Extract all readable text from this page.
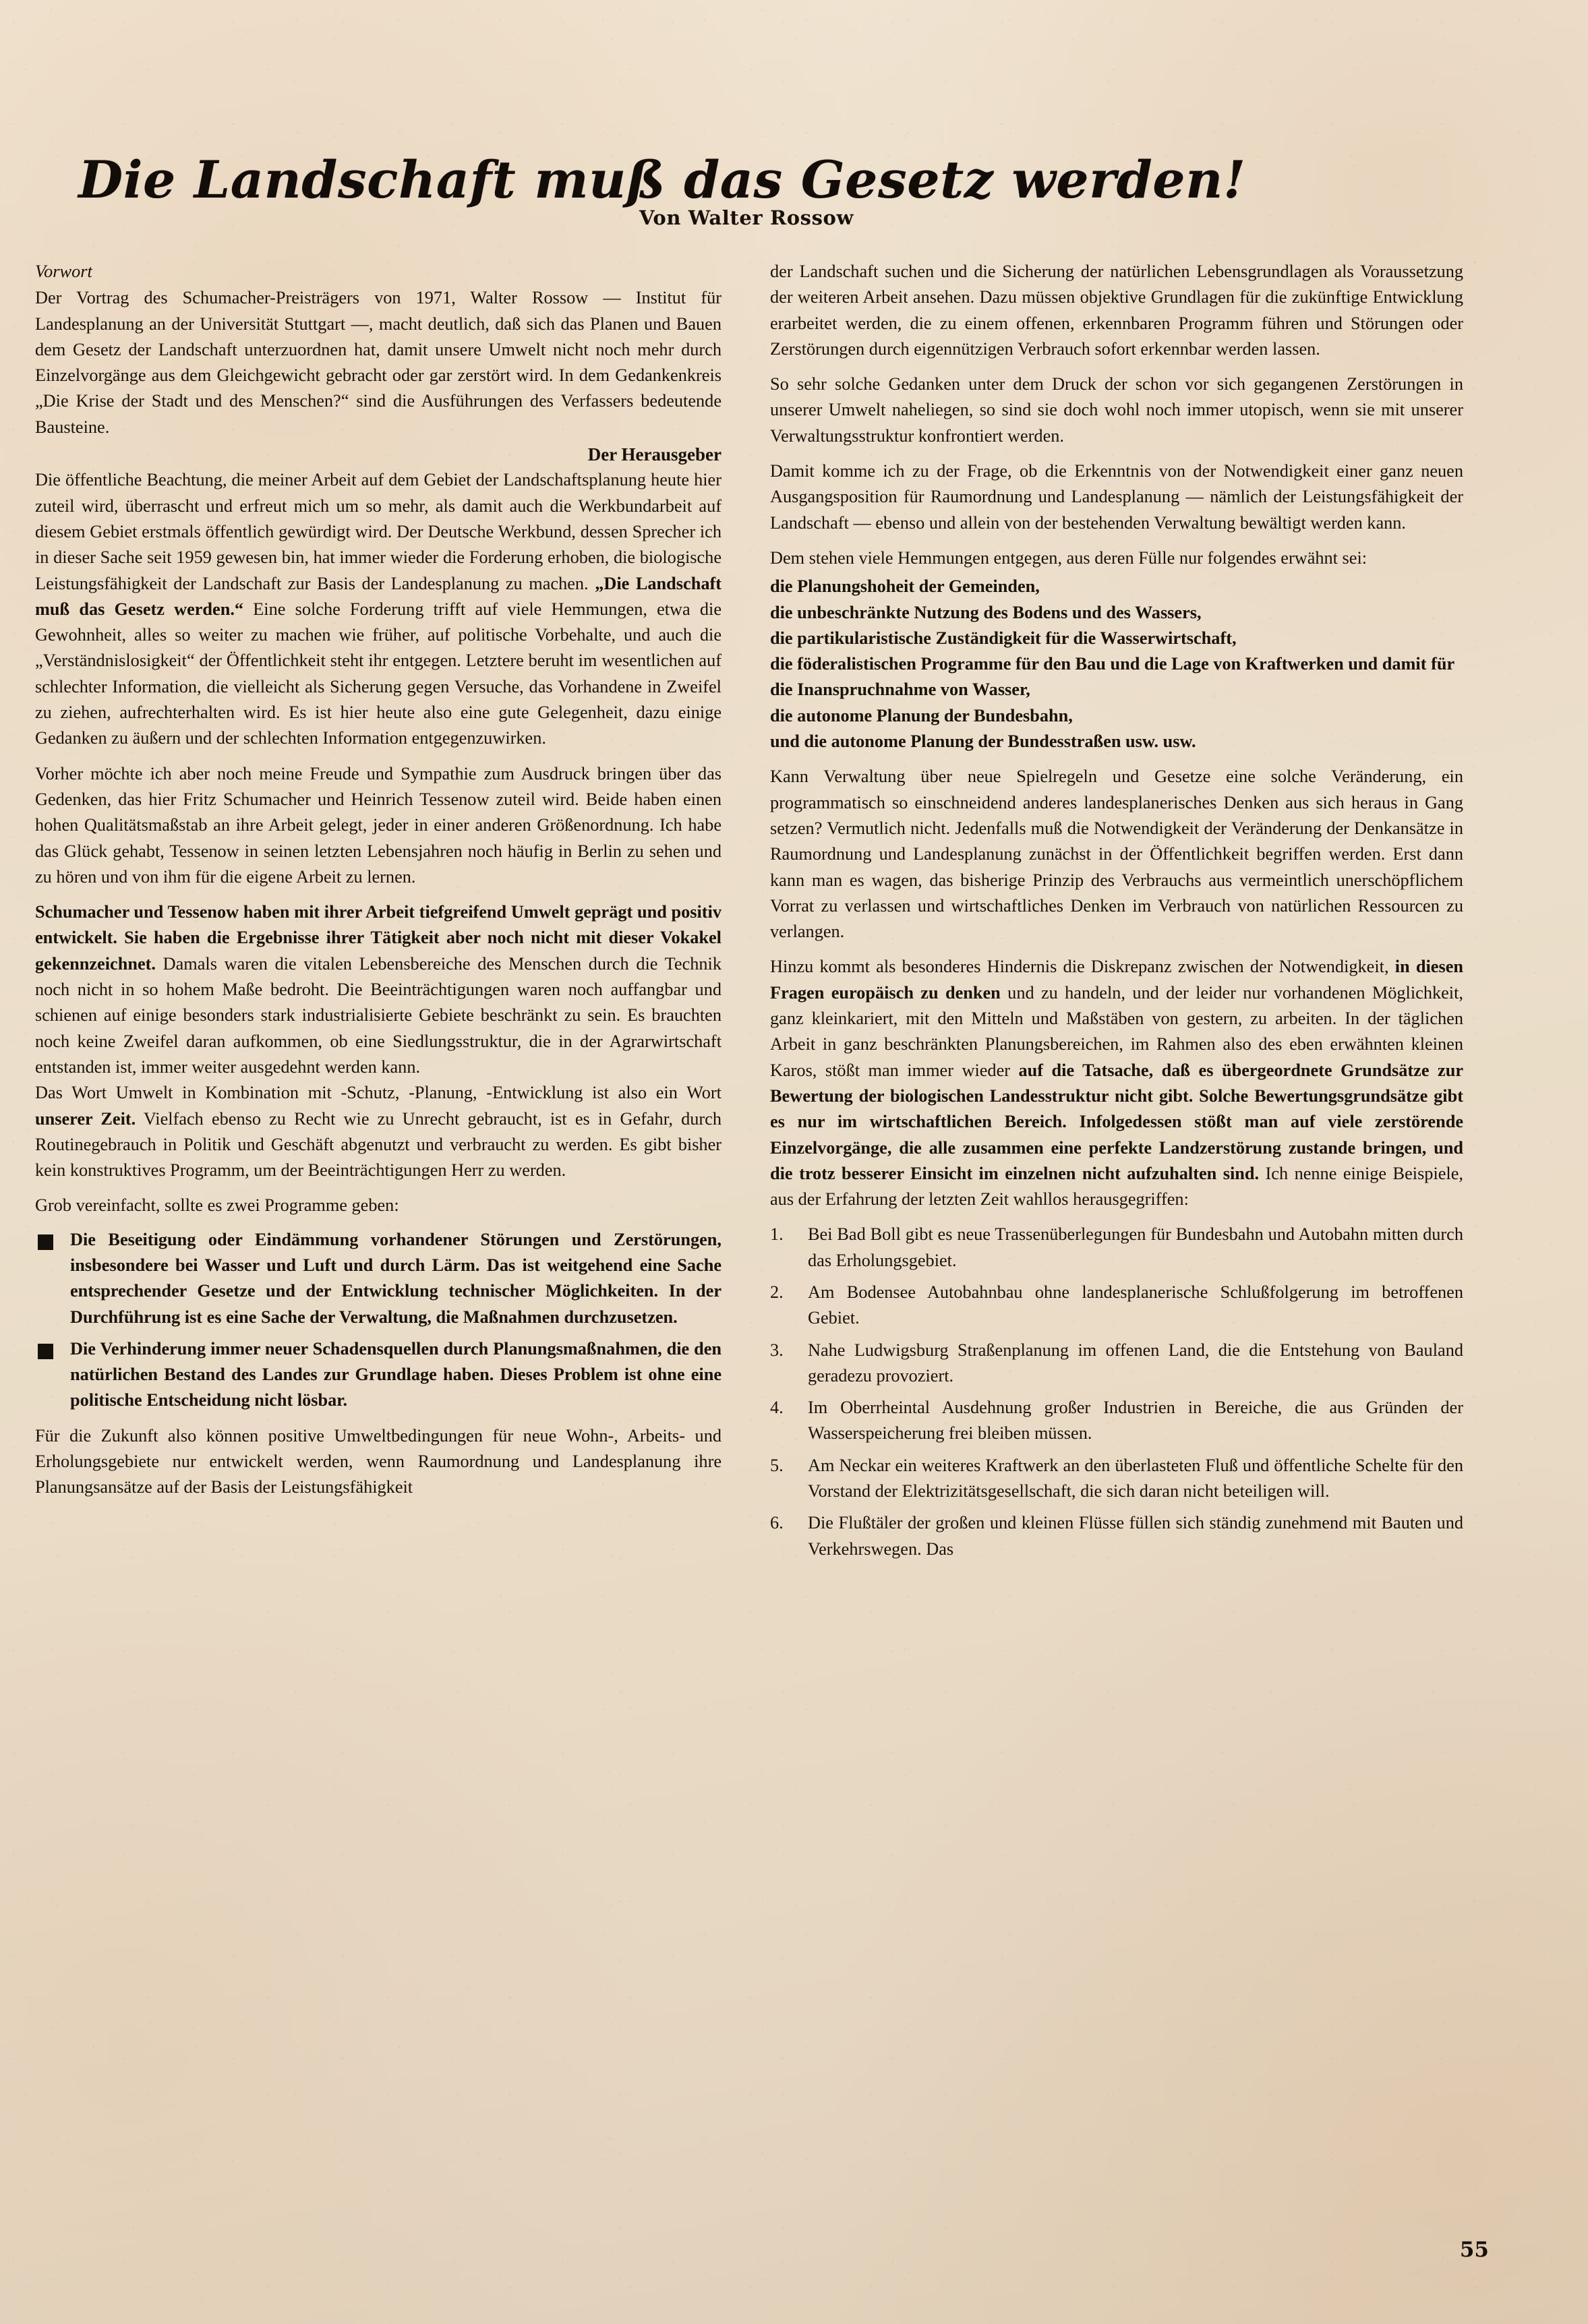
Die Landschaft muß das Gesetz werden!
Von Walter Rossow

Vorwort
Der Vortrag des Schumacher-Preisträgers von 1971, Walter Rossow — Institut für Landesplanung an der Universität Stuttgart —, macht deutlich, daß sich das Planen und Bauen dem Gesetz der Landschaft unterzuordnen hat, damit unsere Umwelt nicht noch mehr durch Einzelvorgänge aus dem Gleichgewicht gebracht oder gar zerstört wird. In dem Gedankenkreis „Die Krise der Stadt und des Menschen?“ sind die Ausführungen des Verfassers bedeutende Bausteine.

Der Herausgeber

Die öffentliche Beachtung, die meiner Arbeit auf dem Gebiet der Landschaftsplanung heute hier zuteil wird, überrascht und erfreut mich um so mehr, als damit auch die Werkbundarbeit auf diesem Gebiet erstmals öffentlich gewürdigt wird. Der Deutsche Werkbund, dessen Sprecher ich in dieser Sache seit 1959 gewesen bin, hat immer wieder die Forderung erhoben, die biologische Leistungsfähigkeit der Landschaft zur Basis der Landesplanung zu machen. „Die Landschaft muß das Gesetz werden.“ Eine solche Forderung trifft auf viele Hemmungen, etwa die Gewohnheit, alles so weiter zu machen wie früher, auf politische Vorbehalte, und auch die „Verständnislosigkeit“ der Öffentlichkeit steht ihr entgegen. Letztere beruht im wesentlichen auf schlechter Information, die vielleicht als Sicherung gegen Versuche, das Vorhandene in Zweifel zu ziehen, aufrechterhalten wird. Es ist hier heute also eine gute Gelegenheit, dazu einige Gedanken zu äußern und der schlechten Information entgegenzuwirken.

Vorher möchte ich aber noch meine Freude und Sympathie zum Ausdruck bringen über das Gedenken, das hier Fritz Schumacher und Heinrich Tessenow zuteil wird. Beide haben einen hohen Qualitätsmaßstab an ihre Arbeit gelegt, jeder in einer anderen Größenordnung. Ich habe das Glück gehabt, Tessenow in seinen letzten Lebensjahren noch häufig in Berlin zu sehen und zu hören und von ihm für die eigene Arbeit zu lernen.

Schumacher und Tessenow haben mit ihrer Arbeit tiefgreifend Umwelt geprägt und positiv entwickelt. Sie haben die Ergebnisse ihrer Tätigkeit aber noch nicht mit dieser Vokakel gekennzeichnet. Damals waren die vitalen Lebensbereiche des Menschen durch die Technik noch nicht in so hohem Maße bedroht. Die Beeinträchtigungen waren noch auffangbar und schienen auf einige besonders stark industrialisierte Gebiete beschränkt zu sein. Es brauchten noch keine Zweifel daran aufkommen, ob eine Siedlungsstruktur, die in der Agrarwirtschaft entstanden ist, immer weiter ausgedehnt werden kann.

Das Wort Umwelt in Kombination mit -Schutz, -Planung, -Entwicklung ist also ein Wort unserer Zeit. Vielfach ebenso zu Recht wie zu Unrecht gebraucht, ist es in Gefahr, durch Routinegebrauch in Politik und Geschäft abgenutzt und verbraucht zu werden. Es gibt bisher kein konstruktives Programm, um der Beeinträchtigungen Herr zu werden.

Grob vereinfacht, sollte es zwei Programme geben:

Die Beseitigung oder Eindämmung vorhandener Störungen und Zerstörungen, insbesondere bei Wasser und Luft und durch Lärm. Das ist weitgehend eine Sache entsprechender Gesetze und der Entwicklung technischer Möglichkeiten. In der Durchführung ist es eine Sache der Verwaltung, die Maßnahmen durchzusetzen.
Die Verhinderung immer neuer Schadensquellen durch Planungsmaßnahmen, die den natürlichen Bestand des Landes zur Grundlage haben. Dieses Problem ist ohne eine politische Entscheidung nicht lösbar.

Für die Zukunft also können positive Umweltbedingungen für neue Wohn-, Arbeits- und Erholungsgebiete nur entwickelt werden, wenn Raumordnung und Landesplanung ihre Planungsansätze auf der Basis der Leistungsfähigkeit

der Landschaft suchen und die Sicherung der natürlichen Lebensgrundlagen als Voraussetzung der weiteren Arbeit ansehen. Dazu müssen objektive Grundlagen für die zukünftige Entwicklung erarbeitet werden, die zu einem offenen, erkennbaren Programm führen und Störungen oder Zerstörungen durch eigennützigen Verbrauch sofort erkennbar werden lassen.

So sehr solche Gedanken unter dem Druck der schon vor sich gegangenen Zerstörungen in unserer Umwelt naheliegen, so sind sie doch wohl noch immer utopisch, wenn sie mit unserer Verwaltungsstruktur konfrontiert werden.

Damit komme ich zu der Frage, ob die Erkenntnis von der Notwendigkeit einer ganz neuen Ausgangsposition für Raumordnung und Landesplanung — nämlich der Leistungsfähigkeit der Landschaft — ebenso und allein von der bestehenden Verwaltung bewältigt werden kann.

Dem stehen viele Hemmungen entgegen, aus deren Fülle nur folgendes erwähnt sei:

die Planungshoheit der Gemeinden,
die unbeschränkte Nutzung des Bodens und des Wassers,
die partikularistische Zuständigkeit für die Wasserwirtschaft,
die föderalistischen Programme für den Bau und die Lage von Kraftwerken und damit für die Inanspruchnahme von Wasser,
die autonome Planung der Bundesbahn,
und die autonome Planung der Bundesstraßen usw. usw.

Kann Verwaltung über neue Spielregeln und Gesetze eine solche Veränderung, ein programmatisch so einschneidend anderes landesplanerisches Denken aus sich heraus in Gang setzen? Vermutlich nicht. Jedenfalls muß die Notwendigkeit der Veränderung der Denkansätze in Raumordnung und Landesplanung zunächst in der Öffentlichkeit begriffen werden. Erst dann kann man es wagen, das bisherige Prinzip des Verbrauchs aus vermeintlich unerschöpflichem Vorrat zu verlassen und wirtschaftliches Denken im Verbrauch von natürlichen Ressourcen zu verlangen.

Hinzu kommt als besonderes Hindernis die Diskrepanz zwischen der Notwendigkeit, in diesen Fragen europäisch zu denken und zu handeln, und der leider nur vorhandenen Möglichkeit, ganz kleinkariert, mit den Mitteln und Maßstäben von gestern, zu arbeiten. In der täglichen Arbeit in ganz beschränkten Planungsbereichen, im Rahmen also des eben erwähnten kleinen Karos, stößt man immer wieder auf die Tatsache, daß es übergeordnete Grundsätze zur Bewertung der biologischen Landesstruktur nicht gibt. Solche Bewertungsgrundsätze gibt es nur im wirtschaftlichen Bereich. Infolgedessen stößt man auf viele zerstörende Einzelvorgänge, die alle zusammen eine perfekte Landzerstörung zustande bringen, und die trotz besserer Einsicht im einzelnen nicht aufzuhalten sind. Ich nenne einige Beispiele, aus der Erfahrung der letzten Zeit wahllos herausgegriffen:

Bei Bad Boll gibt es neue Trassenüberlegungen für Bundesbahn und Autobahn mitten durch das Erholungsgebiet.
Am Bodensee Autobahnbau ohne landesplanerische Schlußfolgerung im betroffenen Gebiet.
Nahe Ludwigsburg Straßenplanung im offenen Land, die die Entstehung von Bauland geradezu provoziert.
Im Oberrheintal Ausdehnung großer Industrien in Bereiche, die aus Gründen der Wasserspeicherung frei bleiben müssen.
Am Neckar ein weiteres Kraftwerk an den überlasteten Fluß und öffentliche Schelte für den Vorstand der Elektrizitätsgesellschaft, die sich daran nicht beteiligen will.
Die Flußtäler der großen und kleinen Flüsse füllen sich ständig zunehmend mit Bauten und Verkehrswegen. Das
55
